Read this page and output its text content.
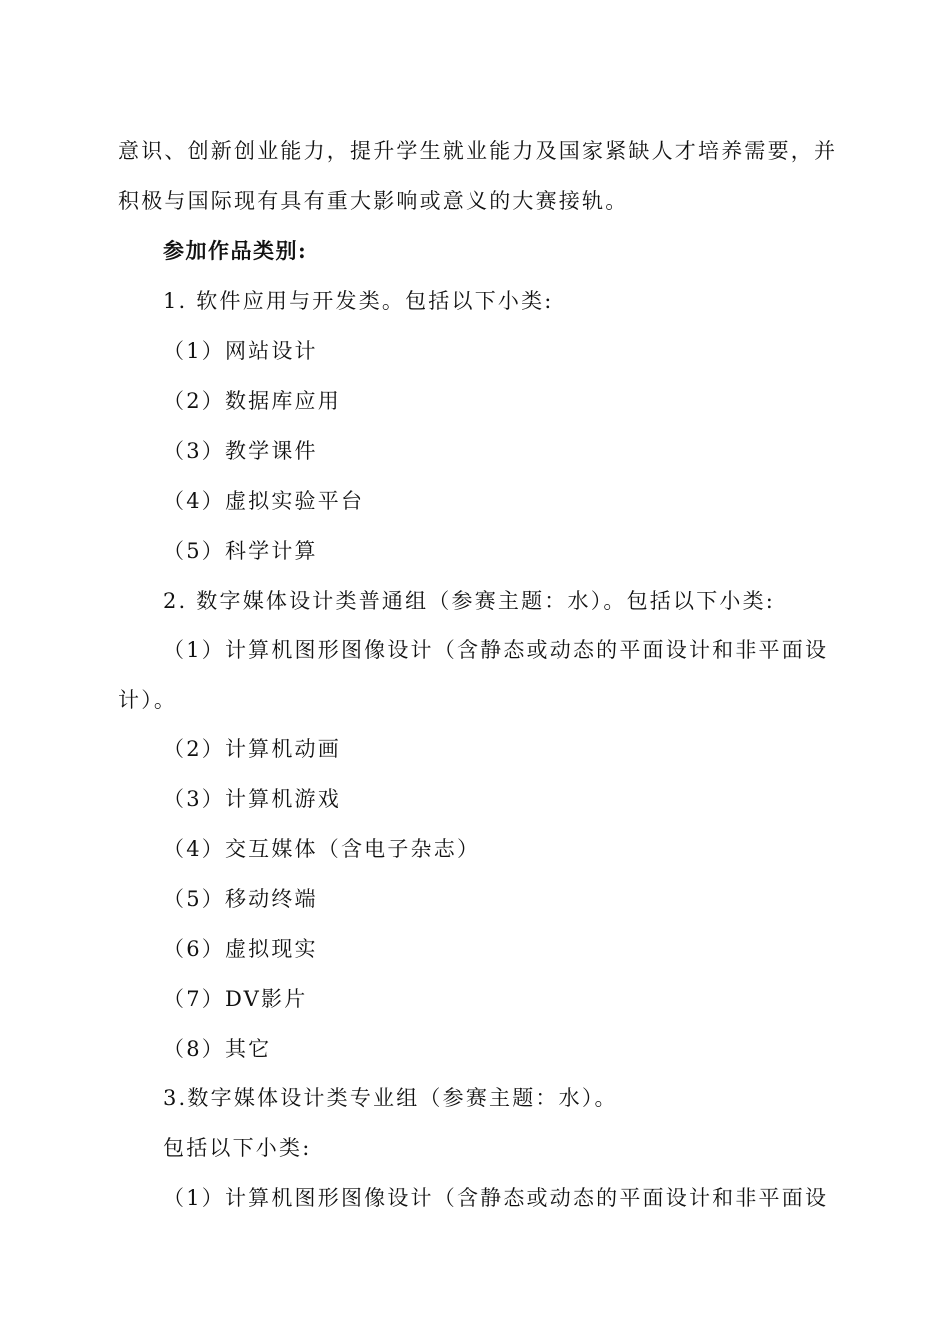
意识、创新创业能力，提升学生就业能力及国家紧缺人才培养需要，并
积极与国际现有具有重大影响或意义的大赛接轨。
参加作品类别:
1. 软件应用与开发类。包括以下小类:
（1）网站设计
（2）数据库应用
（3）教学课件
（4）虚拟实验平台
（5）科学计算
2. 数字媒体设计类普通组（参赛主题：水）。包括以下小类:
（1）计算机图形图像设计（含静态或动态的平面设计和非平面设
计）。
（2）计算机动画
（3）计算机游戏
（4）交互媒体（含电子杂志）
（5）移动终端
（6）虚拟现实
（7）DV影片
（8）其它
3.数字媒体设计类专业组（参赛主题：水）。
包括以下小类:
（1）计算机图形图像设计（含静态或动态的平面设计和非平面设
